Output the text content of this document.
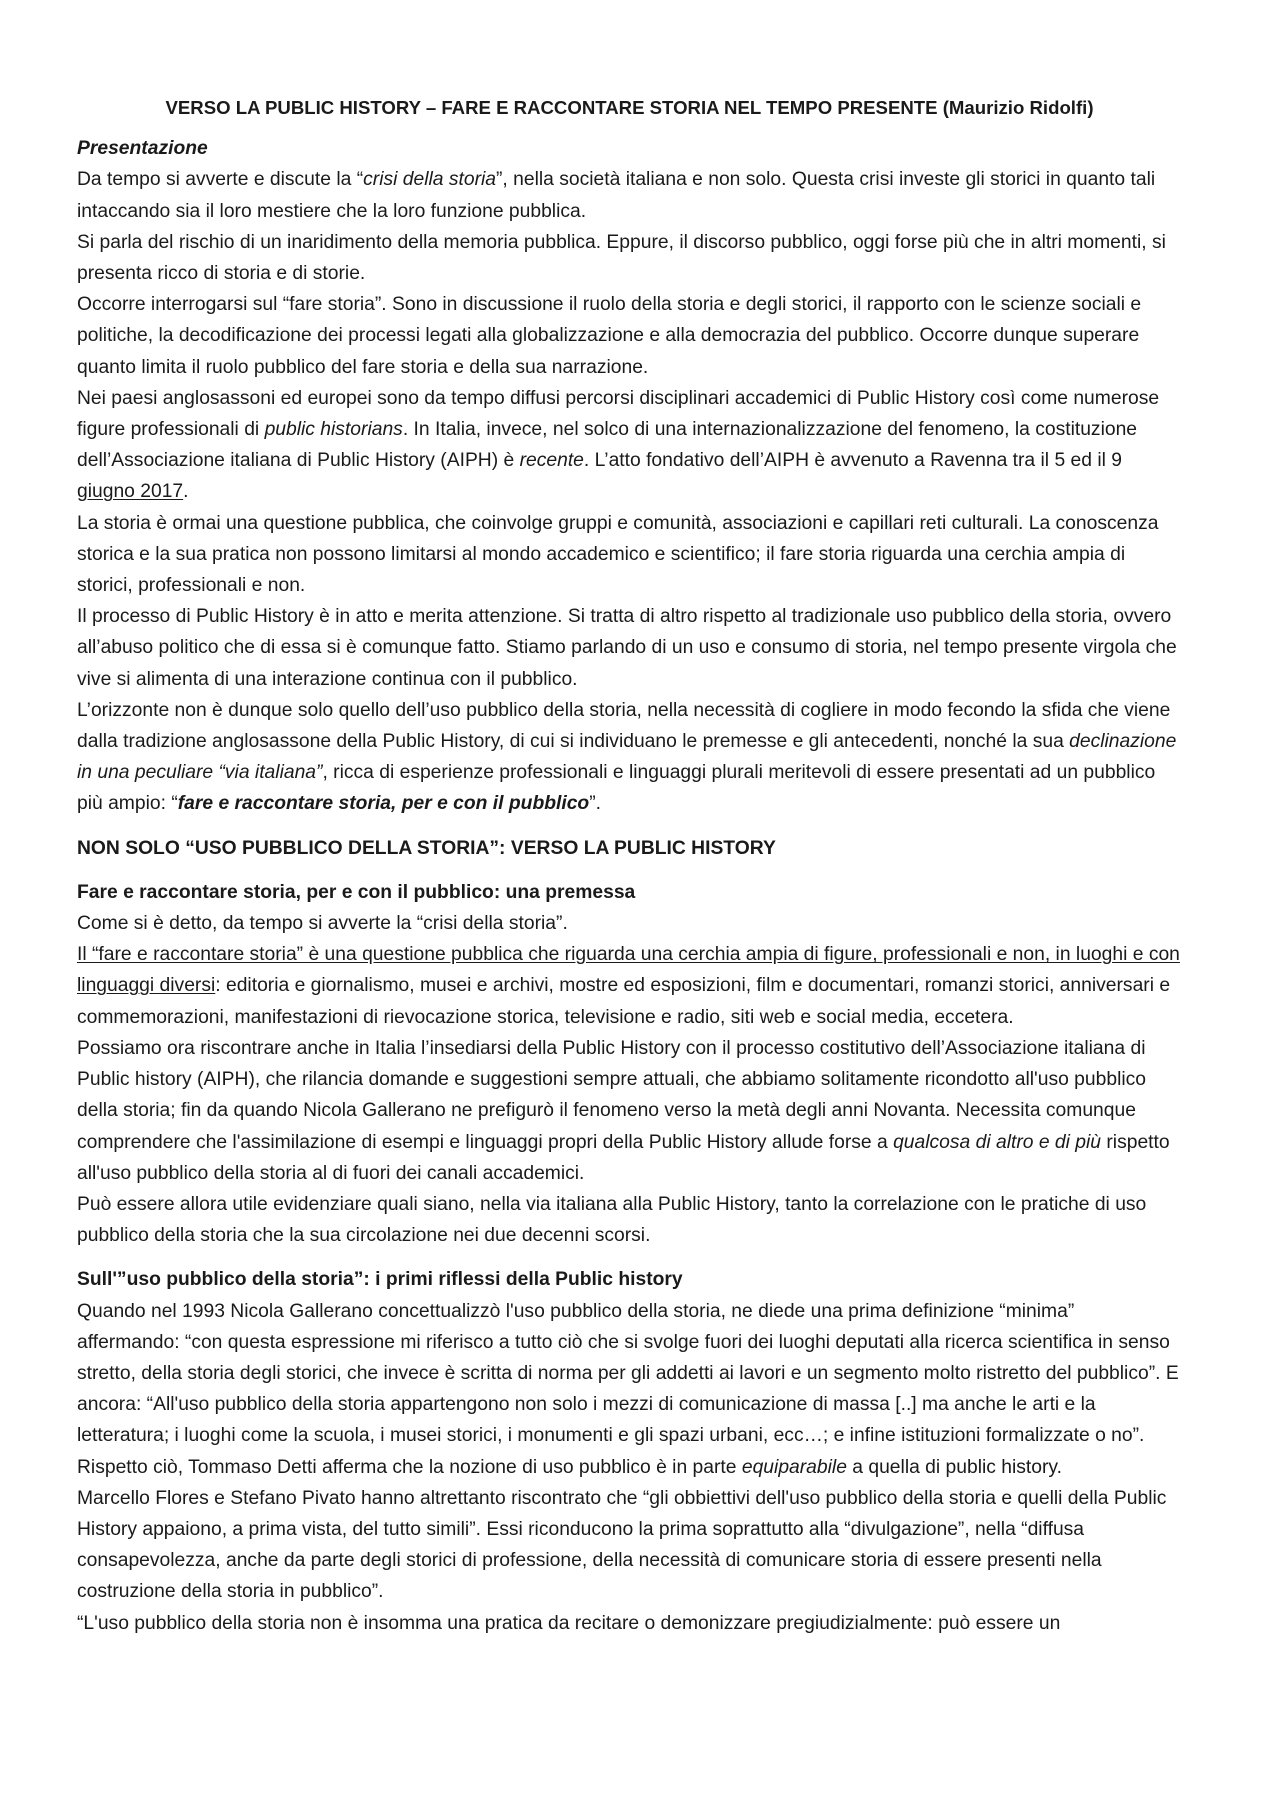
VERSO LA PUBLIC HISTORY – FARE E RACCONTARE STORIA NEL TEMPO PRESENTE (Maurizio Ridolfi)

Presentazione

Da tempo si avverte e discute la “crisi della storia”, nella società italiana e non solo. Questa crisi investe gli storici in quanto tali intaccando sia il loro mestiere che la loro funzione pubblica.

Si parla del rischio di un inaridimento della memoria pubblica. Eppure, il discorso pubblico, oggi forse più che in altri momenti, si presenta ricco di storia e di storie.

Occorre interrogarsi sul “fare storia”. Sono in discussione il ruolo della storia e degli storici, il rapporto con le scienze sociali e politiche, la decodificazione dei processi legati alla globalizzazione e alla democrazia del pubblico. Occorre dunque superare quanto limita il ruolo pubblico del fare storia e della sua narrazione.

Nei paesi anglosassoni ed europei sono da tempo diffusi percorsi disciplinari accademici di Public History così come numerose figure professionali di public historians. In Italia, invece, nel solco di una internazionalizzazione del fenomeno, la costituzione dell’Associazione italiana di Public History (AIPH) è recente. L’atto fondativo dell’AIPH è avvenuto a Ravenna tra il 5 ed il 9 giugno 2017.

La storia è ormai una questione pubblica, che coinvolge gruppi e comunità, associazioni e capillari reti culturali. La conoscenza storica e la sua pratica non possono limitarsi al mondo accademico e scientifico; il fare storia riguarda una cerchia ampia di storici, professionali e non.

Il processo di Public History è in atto e merita attenzione. Si tratta di altro rispetto al tradizionale uso pubblico della storia, ovvero all’abuso politico che di essa si è comunque fatto. Stiamo parlando di un uso e consumo di storia, nel tempo presente virgola che vive si alimenta di una interazione continua con il pubblico.

L’orizzonte non è dunque solo quello dell’uso pubblico della storia, nella necessità di cogliere in modo fecondo la sfida che viene dalla tradizione anglosassone della Public History, di cui si individuano le premesse e gli antecedenti, nonché la sua declinazione in una peculiare “via italiana”, ricca di esperienze professionali e linguaggi plurali meritevoli di essere presentati ad un pubblico più ampio: “fare e raccontare storia, per e con il pubblico”.

NON SOLO “USO PUBBLICO DELLA STORIA”: VERSO LA PUBLIC HISTORY

Fare e raccontare storia, per e con il pubblico: una premessa

Come si è detto, da tempo si avverte la “crisi della storia”.

Il “fare e raccontare storia” è una questione pubblica che riguarda una cerchia ampia di figure, professionali e non, in luoghi e con linguaggi diversi: editoria e giornalismo, musei e archivi, mostre ed esposizioni, film e documentari, romanzi storici, anniversari e commemorazioni, manifestazioni di rievocazione storica, televisione e radio, siti web e social media, eccetera.

Possiamo ora riscontrare anche in Italia l’insediarsi della Public History con il processo costitutivo dell’Associazione italiana di Public history (AIPH), che rilancia domande e suggestioni sempre attuali, che abbiamo solitamente ricondotto all'uso pubblico della storia; fin da quando Nicola Gallerano ne prefigurò il fenomeno verso la metà degli anni Novanta. Necessita comunque comprendere che l'assimilazione di esempi e linguaggi propri della Public History allude forse a qualcosa di altro e di più rispetto all'uso pubblico della storia al di fuori dei canali accademici.

Può essere allora utile evidenziare quali siano, nella via italiana alla Public History, tanto la correlazione con le pratiche di uso pubblico della storia che la sua circolazione nei due decenni scorsi.

Sull'”uso pubblico della storia”: i primi riflessi della Public history

Quando nel 1993 Nicola Gallerano concettualizzò l'uso pubblico della storia, ne diede una prima definizione “minima” affermando: “con questa espressione mi riferisco a tutto ciò che si svolge fuori dei luoghi deputati alla ricerca scientifica in senso stretto, della storia degli storici, che invece è scritta di norma per gli addetti ai lavori e un segmento molto ristretto del pubblico”. E ancora: “All'uso pubblico della storia appartengono non solo i mezzi di comunicazione di massa [..] ma anche le arti e la letteratura; i luoghi come la scuola, i musei storici, i monumenti e gli spazi urbani, ecc…; e infine istituzioni formalizzate o no”.

Rispetto ciò, Tommaso Detti afferma che la nozione di uso pubblico è in parte equiparabile a quella di public history.

Marcello Flores e Stefano Pivato hanno altrettanto riscontrato che “gli obbiettivi dell'uso pubblico della storia e quelli della Public History appaiono, a prima vista, del tutto simili”. Essi riconducono la prima soprattutto alla “divulgazione”, nella “diffusa consapevolezza, anche da parte degli storici di professione, della necessità di comunicare storia di essere presenti nella costruzione della storia in pubblico”.

“L'uso pubblico della storia non è insomma una pratica da recitare o demonizzare pregiudizialmente: può essere un
